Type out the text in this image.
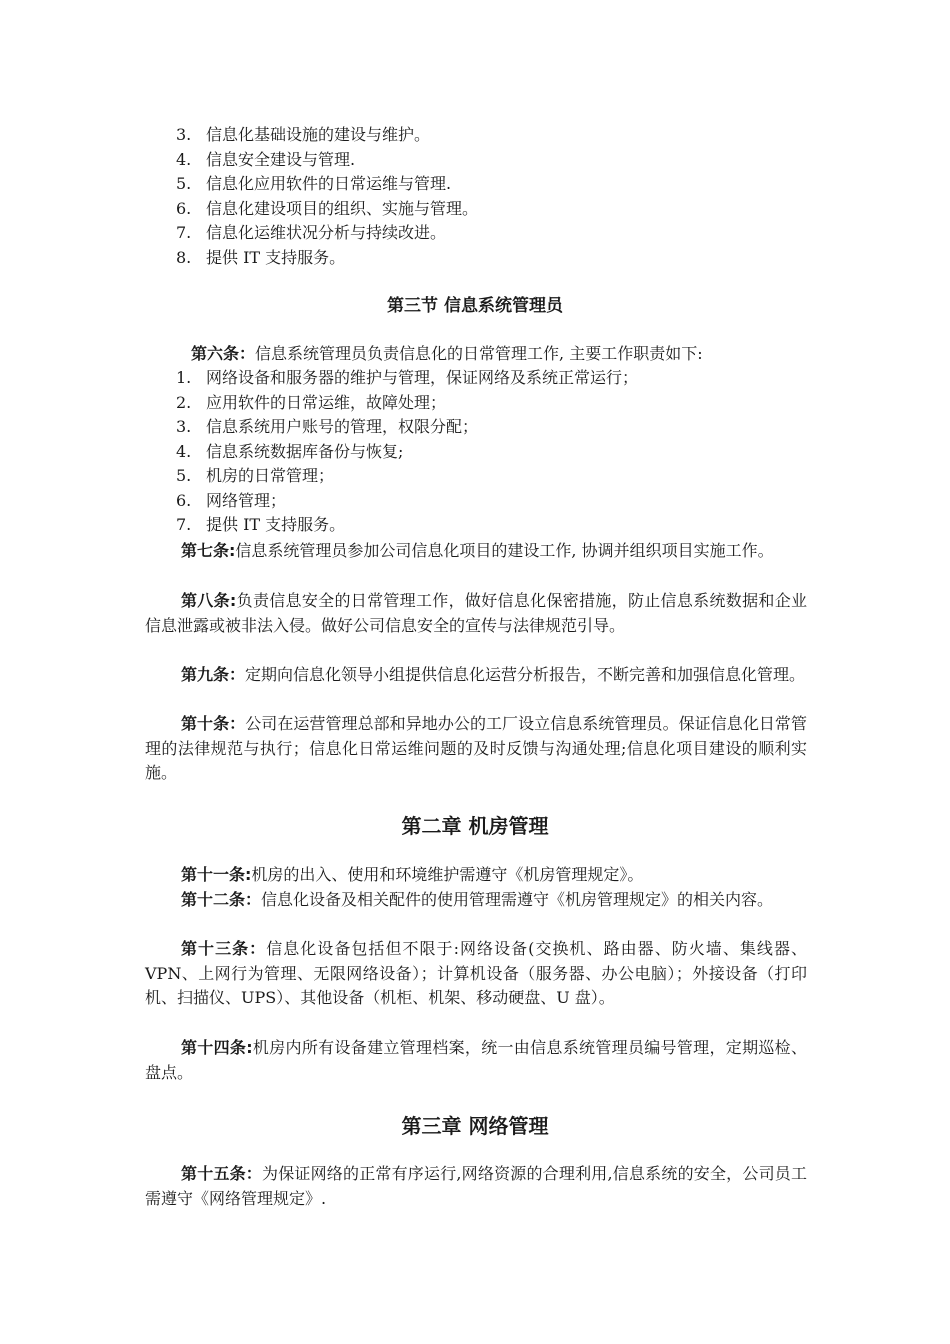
3. 信息化基础设施的建设与维护。
4. 信息安全建设与管理.
5. 信息化应用软件的日常运维与管理.
6. 信息化建设项目的组织、实施与管理。
7. 信息化运维状况分析与持续改进。
8. 提供 IT 支持服务。
第三节 信息系统管理员

第六条：信息系统管理员负责信息化的日常管理工作, 主要工作职责如下:

1. 网络设备和服务器的维护与管理，保证网络及系统正常运行；
2. 应用软件的日常运维，故障处理；
3. 信息系统用户账号的管理，权限分配；
4. 信息系统数据库备份与恢复;
5. 机房的日常管理；
6. 网络管理；
7. 提供 IT 支持服务。

第七条:信息系统管理员参加公司信息化项目的建设工作, 协调并组织项目实施工作。

第八条:负责信息安全的日常管理工作，做好信息化保密措施，防止信息系统数据和企业信息泄露或被非法入侵。做好公司信息安全的宣传与法律规范引导。

第九条：定期向信息化领导小组提供信息化运营分析报告，不断完善和加强信息化管理。

第十条：公司在运营管理总部和异地办公的工厂设立信息系统管理员。保证信息化日常管理的法律规范与执行；信息化日常运维问题的及时反馈与沟通处理;信息化项目建设的顺利实施。

第二章 机房管理

第十一条:机房的出入、使用和环境维护需遵守《机房管理规定》。

第十二条：信息化设备及相关配件的使用管理需遵守《机房管理规定》的相关内容。

第十三条：信息化设备包括但不限于:网络设备(交换机、路由器、防火墙、集线器、VPN、上网行为管理、无限网络设备）；计算机设备（服务器、办公电脑）；外接设备（打印机、扫描仪、UPS）、其他设备（机柜、机架、移动硬盘、U 盘）。

第十四条:机房内所有设备建立管理档案，统一由信息系统管理员编号管理，定期巡检、盘点。

第三章 网络管理

第十五条：为保证网络的正常有序运行,网络资源的合理利用,信息系统的安全，公司员工需遵守《网络管理规定》.
